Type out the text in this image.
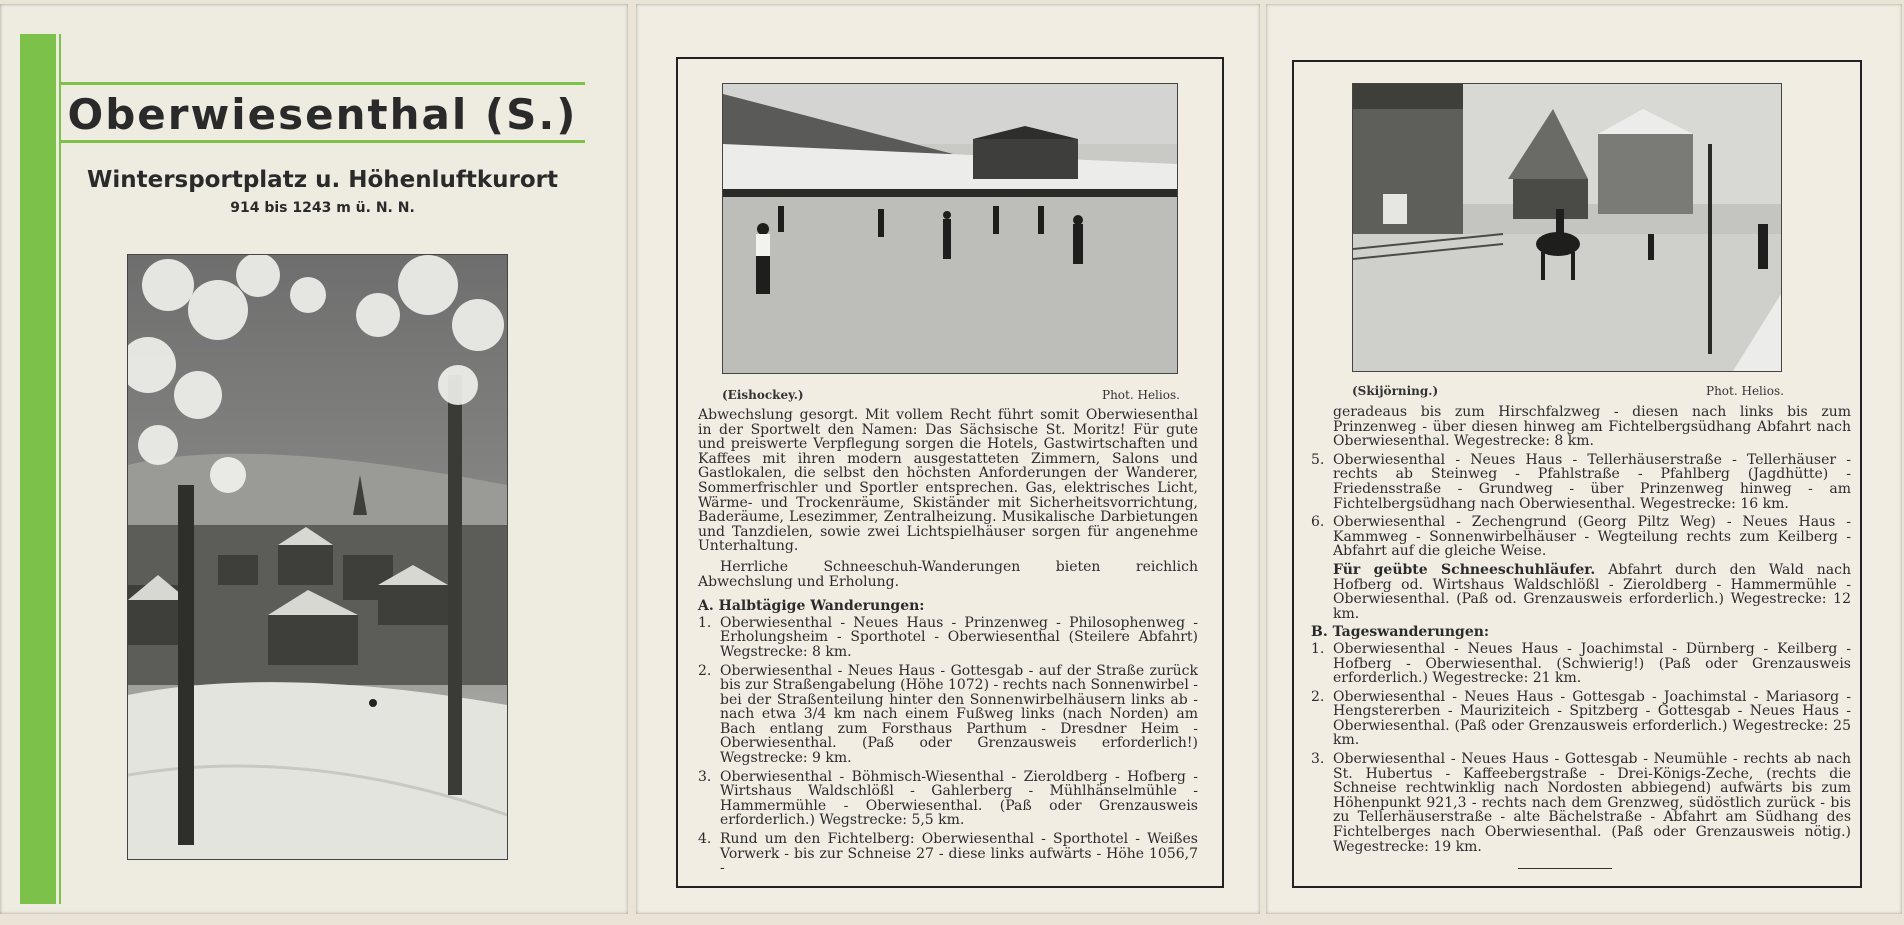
Oberwiesenthal (S.)
Wintersportplatz u. Höhenluftkurort
914 bis 1243 m ü. N. N.
(Eishockey.)	Phot. Helios.

Abwechslung gesorgt. Mit vollem Recht führt somit Oberwiesenthal in der Sportwelt den Namen: Das Sächsische St. Moritz! Für gute und preiswerte Verpflegung sorgen die Hotels, Gastwirtschaften und Kaffees mit ihren modern ausgestatteten Zimmern, Salons und Gastlokalen, die selbst den höchsten Anforderungen der Wanderer, Sommerfrischler und Sportler entsprechen. Gas, elektrisches Licht, Wärme- und Trockenräume, Skiständer mit Sicherheitsvorrichtung, Baderäume, Lesezimmer, Zentralheizung. Musikalische Darbietungen und Tanzdielen, sowie zwei Lichtspielhäuser sorgen für angenehme Unterhaltung.

Herrliche Schneeschuh-Wanderungen bieten reichlich Abwechslung und Erholung.

A. Halbtägige Wanderungen:
1. Oberwiesenthal - Neues Haus - Prinzenweg - Philosophenweg - Erholungsheim - Sporthotel - Oberwiesenthal (Steilere Abfahrt) Wegstrecke: 8 km.
2. Oberwiesenthal - Neues Haus - Gottesgab - auf der Straße zurück bis zur Straßengabelung (Höhe 1072) - rechts nach Sonnenwirbel - bei der Straßenteilung hinter den Sonnenwirbelhäusern links ab - nach etwa 3/4 km nach einem Fußweg links (nach Norden) am Bach entlang zum Forsthaus Parthum - Dresdner Heim - Oberwiesenthal. (Paß oder Grenzausweis erforderlich!) Wegstrecke: 9 km.
3. Oberwiesenthal - Böhmisch-Wiesenthal - Zieroldberg - Hofberg - Wirtshaus Waldschlößl - Gahlerberg - Mühlhänselmühle - Hammermühle - Oberwiesenthal. (Paß oder Grenzausweis erforderlich.) Wegstrecke: 5,5 km.
4. Rund um den Fichtelberg: Oberwiesenthal - Sporthotel - Weißes Vorwerk - bis zur Schneise 27 - diese links aufwärts - Höhe 1056,7 -
(Skijörning.)	Phot. Helios.
geradeaus bis zum Hirschfalzweg - diesen nach links bis zum Prinzenweg - über diesen hinweg am Fichtelbergsüdhang Abfahrt nach Oberwiesenthal. Wegestrecke: 8 km.
5. Oberwiesenthal - Neues Haus - Tellerhäuserstraße - Tellerhäuser - rechts ab Steinweg - Pfahlstraße - Pfahlberg (Jagdhütte) - Friedensstraße - Grundweg - über Prinzenweg hinweg - am Fichtelbergsüdhang nach Oberwiesenthal. Wegestrecke: 16 km.
6. Oberwiesenthal - Zechengrund (Georg Piltz Weg) - Neues Haus - Kammweg - Sonnenwirbelhäuser - Wegteilung rechts zum Keilberg - Abfahrt auf die gleiche Weise.
Für geübte Schneeschuhläufer. Abfahrt durch den Wald nach Hofberg od. Wirtshaus Waldschlößl - Zieroldberg - Hammermühle - Oberwiesenthal. (Paß od. Grenzausweis erforderlich.) Wegestrecke: 12 km.
B. Tageswanderungen:
1. Oberwiesenthal - Neues Haus - Joachimstal - Dürnberg - Keilberg - Hofberg - Oberwiesenthal. (Schwierig!) (Paß oder Grenzausweis erforderlich.) Wegestrecke: 21 km.
2. Oberwiesenthal - Neues Haus - Gottesgab - Joachimstal - Mariasorg - Hengstererben - Mauriziteich - Spitzberg - Gottesgab - Neues Haus - Oberwiesenthal. (Paß oder Grenzausweis erforderlich.) Wegestrecke: 25 km.
3. Oberwiesenthal - Neues Haus - Gottesgab - Neumühle - rechts ab nach St. Hubertus - Kaffeebergstraße - Drei-Königs-Zeche, (rechts die Schneise rechtwinklig nach Nordosten abbiegend) aufwärts bis zum Höhenpunkt 921,3 - rechts nach dem Grenzweg, südöstlich zurück - bis zu Tellerhäuserstraße - alte Bächelstraße - Abfahrt am Südhang des Fichtelberges nach Oberwiesenthal. (Paß oder Grenzausweis nötig.) Wegestrecke: 19 km.
